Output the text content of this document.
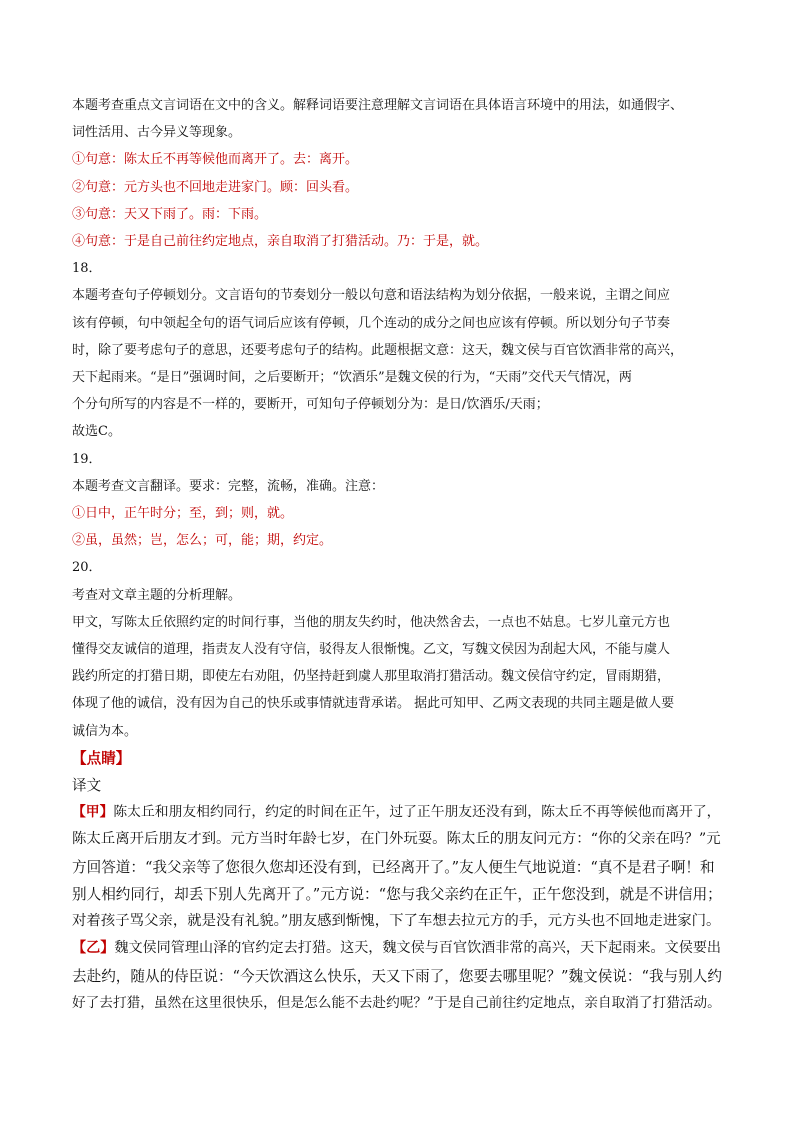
本题考查重点文言词语在文中的含义。解释词语要注意理解文言词语在具体语言环境中的用法，如通假字、

词性活用、古今异义等现象。

①句意：陈太丘不再等候他而离开了。去：离开。

②句意：元方头也不回地走进家门。顾：回头看。

③句意：天又下雨了。雨：下雨。

④句意：于是自己前往约定地点，亲自取消了打猎活动。乃：于是，就。

18．

本题考查句子停顿划分。文言语句的节奏划分一般以句意和语法结构为划分依据，一般来说，主谓之间应

该有停顿，句中领起全句的语气词后应该有停顿，几个连动的成分之间也应该有停顿。所以划分句子节奏

时，除了要考虑句子的意思，还要考虑句子的结构。此题根据文意：这天，魏文侯与百官饮酒非常的高兴，

天下起雨来。“是日”强调时间，之后要断开；“饮酒乐”是魏文侯的行为，“天雨”交代天气情况，两

个分句所写的内容是不一样的，要断开，可知句子停顿划分为：是日/饮酒乐/天雨；

故选C。

19．

本题考查文言翻译。要求：完整，流畅，准确。注意：

①日中，正午时分；至，到；则，就。

②虽，虽然；岂，怎么；可，能；期，约定。

20．

考查对文章主题的分析理解。

甲文，写陈太丘依照约定的时间行事，当他的朋友失约时，他决然舍去，一点也不姑息。七岁儿童元方也

懂得交友诚信的道理，指责友人没有守信，驳得友人很惭愧。乙文，写魏文侯因为刮起大风，不能与虞人

践约所定的打猎日期，即使左右劝阻，仍坚持赶到虞人那里取消打猎活动。魏文侯信守约定，冒雨期猎，

体现了他的诚信，没有因为自己的快乐或事情就违背承诺。 据此可知甲、乙两文表现的共同主题是做人要

诚信为本。

【点睛】

译文

【甲】陈太丘和朋友相约同行，约定的时间在正午，过了正午朋友还没有到，陈太丘不再等候他而离开了，

陈太丘离开后朋友才到。元方当时年龄七岁，在门外玩耍。陈太丘的朋友问元方：“你的父亲在吗？”元

方回答道：“我父亲等了您很久您却还没有到，已经离开了。”友人便生气地说道：“真不是君子啊！和

别人相约同行，却丢下别人先离开了。”元方说：“您与我父亲约在正午，正午您没到，就是不讲信用；

对着孩子骂父亲，就是没有礼貌。”朋友感到惭愧，下了车想去拉元方的手，元方头也不回地走进家门。

【乙】魏文侯同管理山泽的官约定去打猎。这天，魏文侯与百官饮酒非常的高兴，天下起雨来。文侯要出

去赴约，随从的侍臣说：“今天饮酒这么快乐，天又下雨了，您要去哪里呢？”魏文侯说：“我与别人约

好了去打猎，虽然在这里很快乐，但是怎么能不去赴约呢？”于是自己前往约定地点，亲自取消了打猎活动。
